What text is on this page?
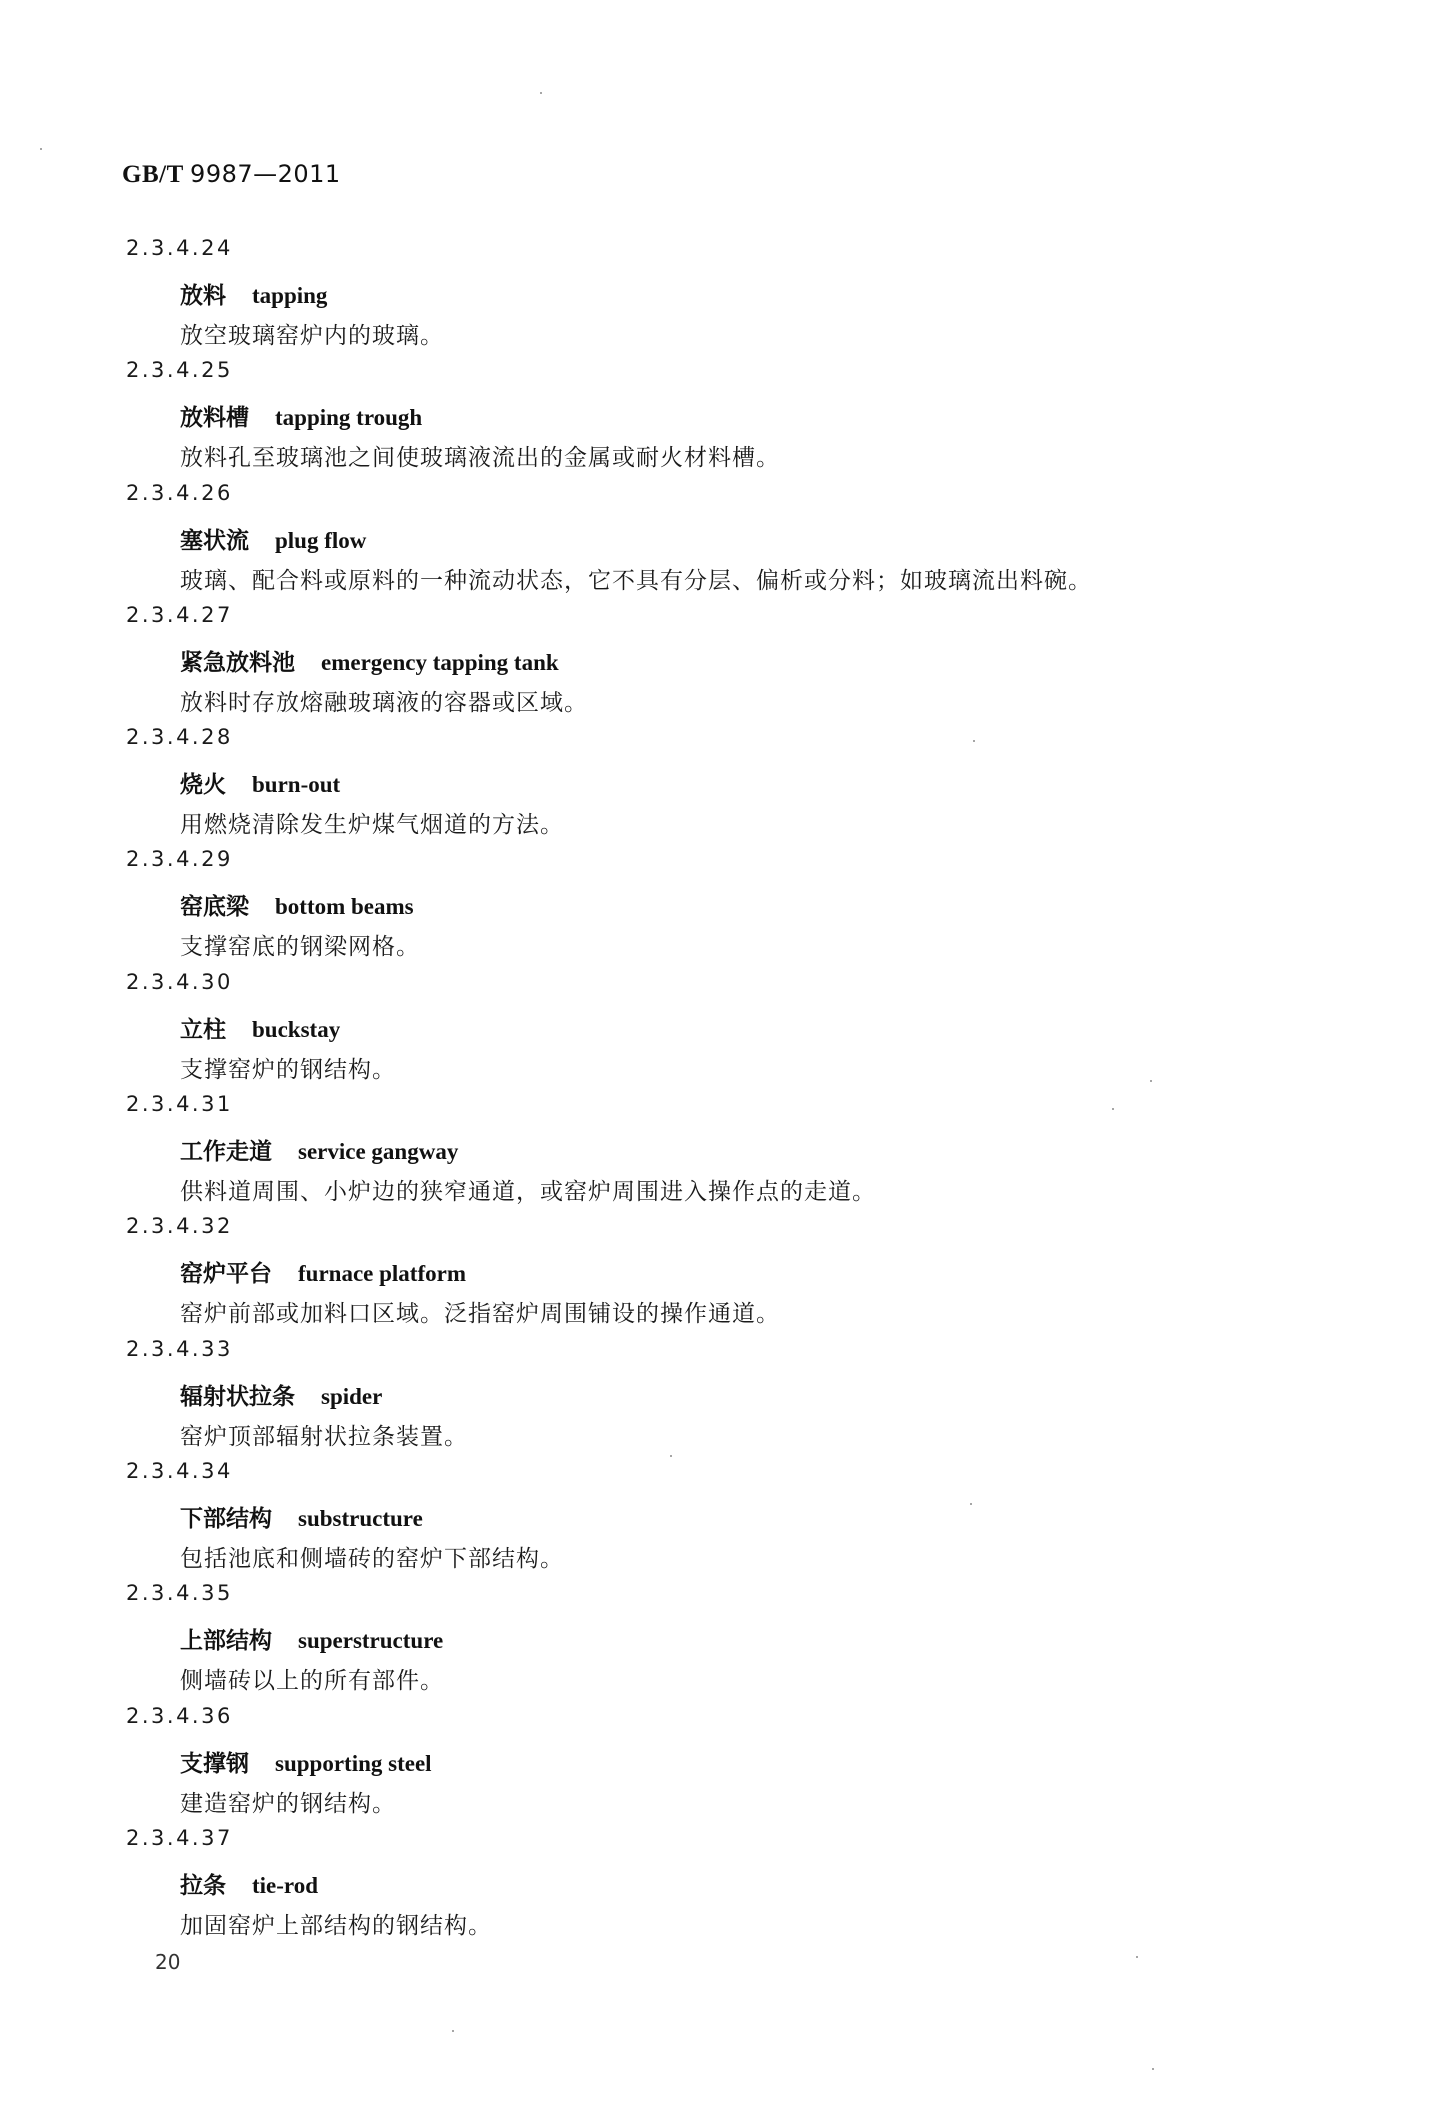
GB/T 9987—2011
2.3.4.24
放料 tapping
放空玻璃窑炉内的玻璃。
2.3.4.25
放料槽 tapping trough
放料孔至玻璃池之间使玻璃液流出的金属或耐火材料槽。
2.3.4.26
塞状流 plug flow
玻璃、配合料或原料的一种流动状态，它不具有分层、偏析或分料；如玻璃流出料碗。
2.3.4.27
紧急放料池 emergency tapping tank
放料时存放熔融玻璃液的容器或区域。
2.3.4.28
烧火 burn-out
用燃烧清除发生炉煤气烟道的方法。
2.3.4.29
窑底梁 bottom beams
支撑窑底的钢梁网格。
2.3.4.30
立柱 buckstay
支撑窑炉的钢结构。
2.3.4.31
工作走道 service gangway
供料道周围、小炉边的狭窄通道，或窑炉周围进入操作点的走道。
2.3.4.32
窑炉平台 furnace platform
窑炉前部或加料口区域。泛指窑炉周围铺设的操作通道。
2.3.4.33
辐射状拉条 spider
窑炉顶部辐射状拉条装置。
2.3.4.34
下部结构 substructure
包括池底和侧墙砖的窑炉下部结构。
2.3.4.35
上部结构 superstructure
侧墙砖以上的所有部件。
2.3.4.36
支撑钢 supporting steel
建造窑炉的钢结构。
2.3.4.37
拉条 tie-rod
加固窑炉上部结构的钢结构。
20
